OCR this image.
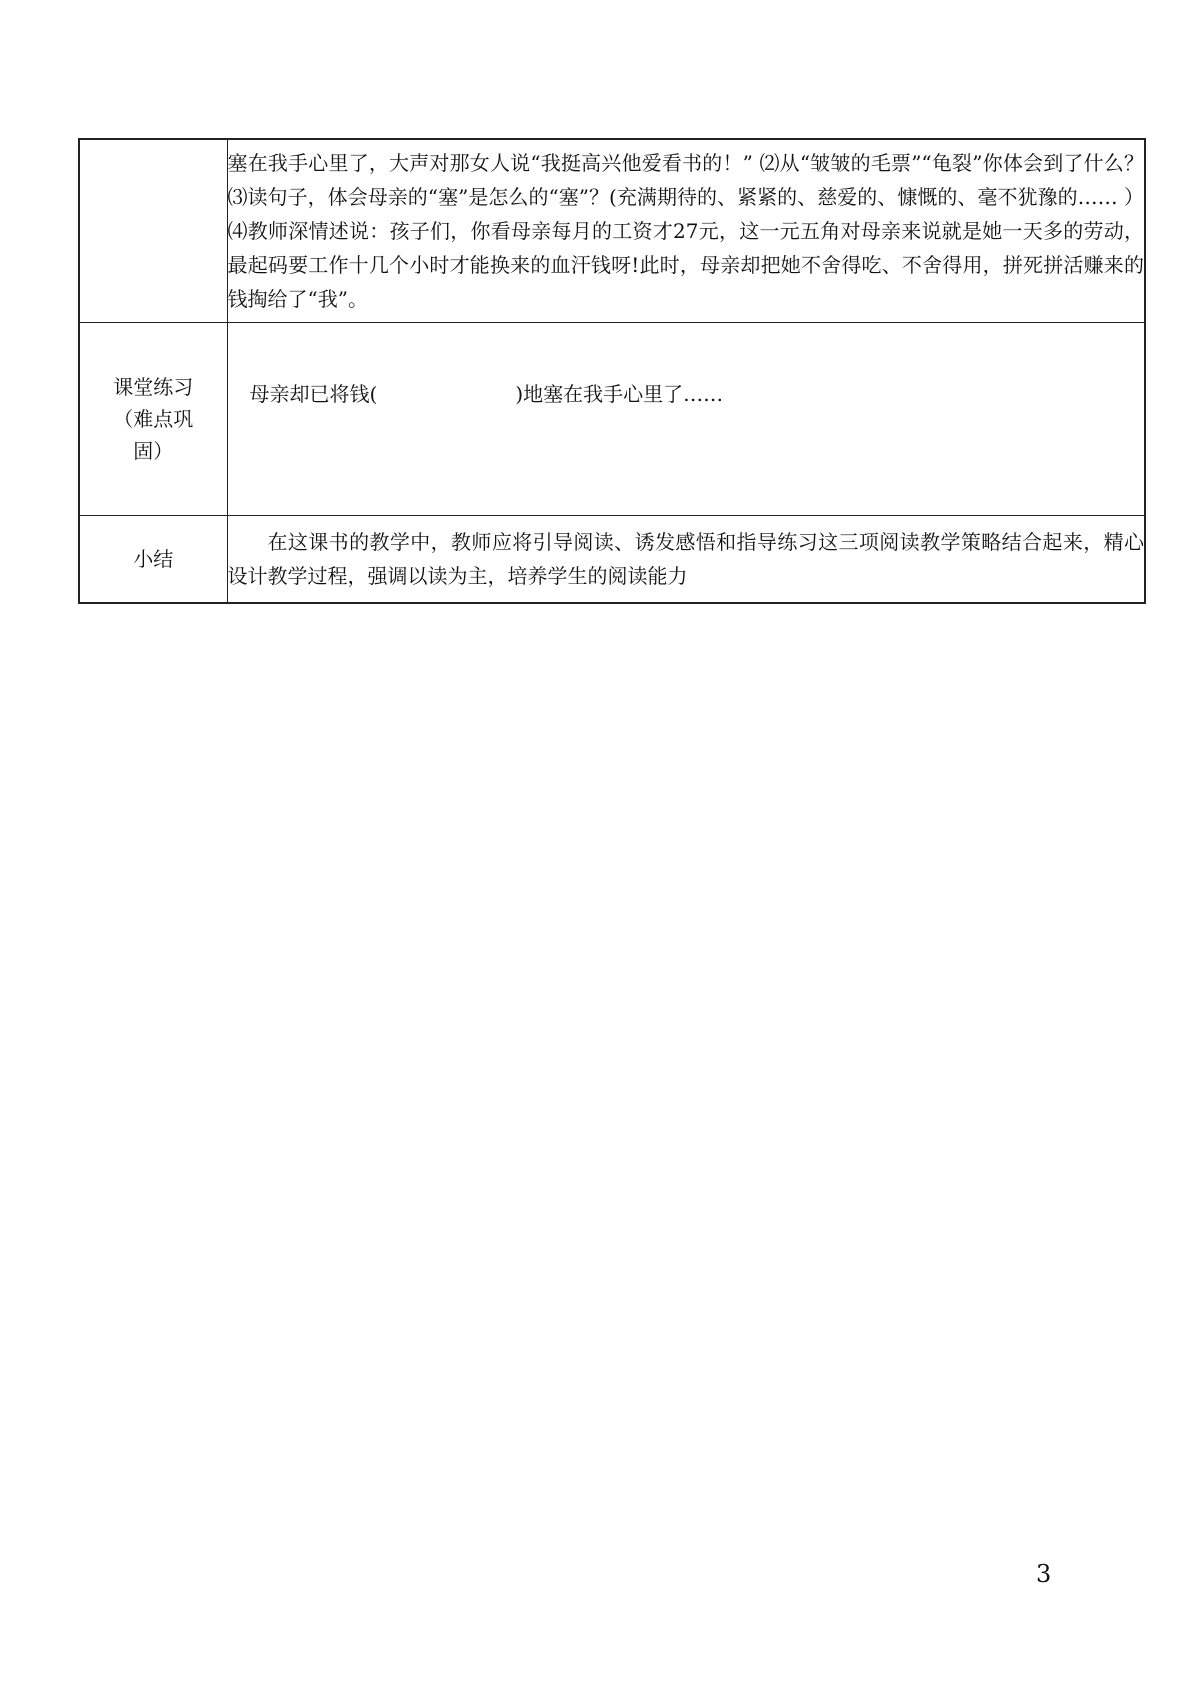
	塞在我手心里了，大声对那女人说“我挺高兴他爱看书的！” ⑵从“皱皱的毛票”“龟裂”你体会到了什么？ ⑶读句子，体会母亲的“塞”是怎么的“塞”？(充满期待的、紧紧的、慈爱的、慷慨的、毫不犹豫的…… ） ⑷教师深情述说：孩子们，你看母亲每月的工资才27元，这一元五角对母亲来说就是她一天多的劳动，最起码要工作十几个小时才能换来的血汗钱呀!此时，母亲却把她不舍得吃、不舍得用，拼死拼活赚来的钱掏给了“我”。

课堂练习（难点巩固）	母亲却已将钱( )地塞在我手心里了……

小结	在这课书的教学中，教师应将引导阅读、诱发感悟和指导练习这三项阅读教学策略结合起来，精心设计教学过程，强调以读为主，培养学生的阅读能力
3
